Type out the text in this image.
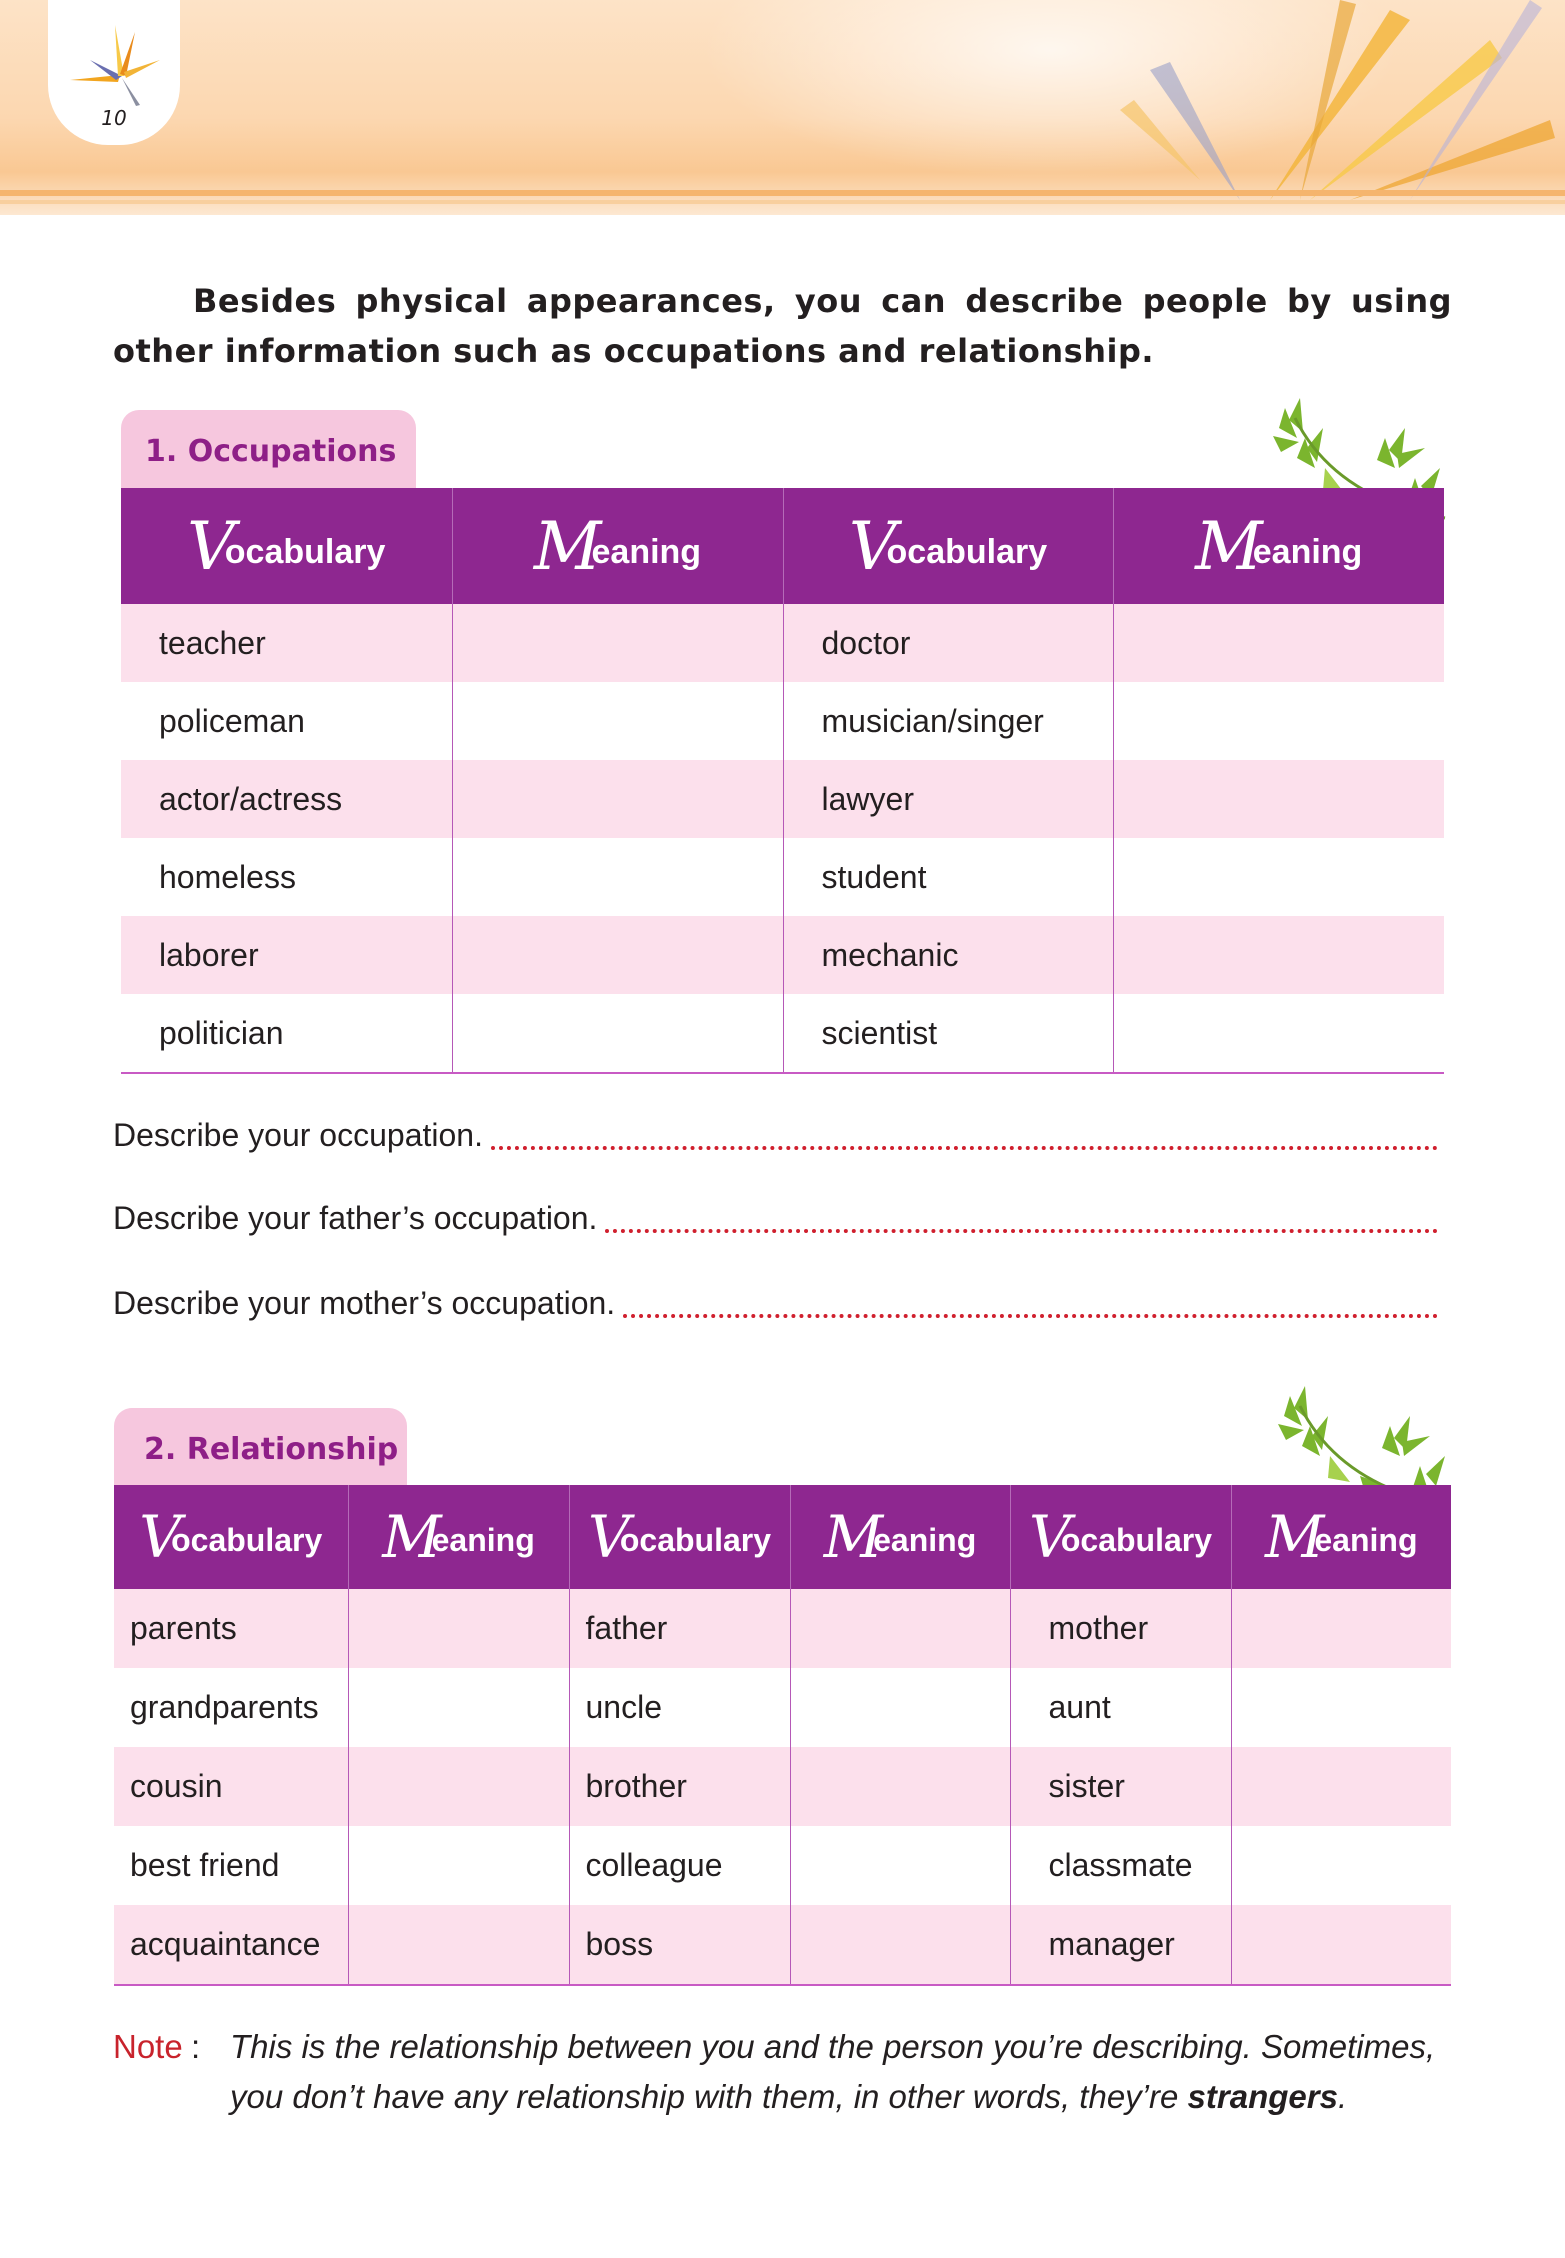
10
Besides physical appearances, you can describe people by using other information such as occupations and relationship.
1. Occupations
Vocabulary	Meaning	Vocabulary	Meaning
teacher		doctor	
policeman		musician/singer	
actor/actress		lawyer	
homeless		student	
laborer		mechanic	
politician		scientist	
Describe your occupation.
Describe your father’s occupation.
Describe your mother’s occupation.
2. Relationship
Vocabulary	Meaning	Vocabulary	Meaning	Vocabulary	Meaning
parents		father		mother	
grandparents		uncle		aunt	
cousin		brother		sister	
best friend		colleague		classmate	
acquaintance		boss		manager	
Note : This is the relationship between you and the person you’re describing. Sometimes, you don’t have any relationship with them, in other words, they’re strangers.
